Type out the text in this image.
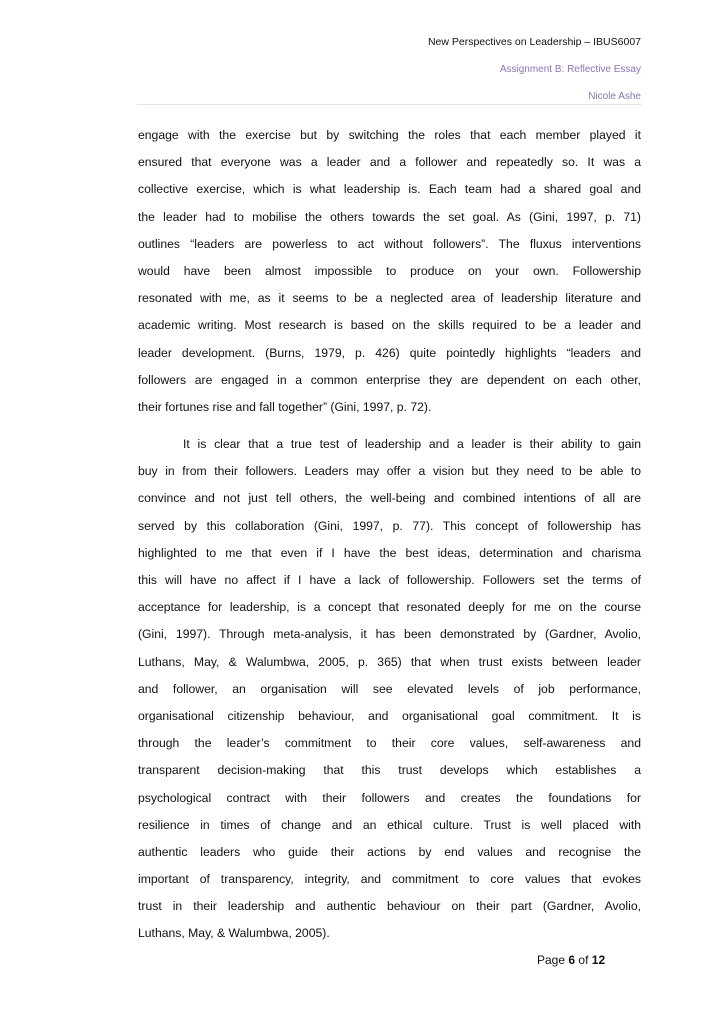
New Perspectives on Leadership – IBUS6007
Assignment B: Reflective Essay
Nicole Ashe
engage with the exercise but by switching the roles that each member played it
ensured that everyone was a leader and a follower and repeatedly so. It was a
collective exercise, which is what leadership is. Each team had a shared goal and
the leader had to mobilise the others towards the set goal. As (Gini, 1997, p. 71)
outlines “leaders are powerless to act without followers”. The fluxus interventions
would have been almost impossible to produce on your own. Followership
resonated with me, as it seems to be a neglected area of leadership literature and
academic writing. Most research is based on the skills required to be a leader and
leader development. (Burns, 1979, p. 426) quite pointedly highlights “leaders and
followers are engaged in a common enterprise they are dependent on each other,
their fortunes rise and fall together” (Gini, 1997, p. 72).
It is clear that a true test of leadership and a leader is their ability to gain
buy in from their followers. Leaders may offer a vision but they need to be able to
convince and not just tell others, the well-being and combined intentions of all are
served by this collaboration (Gini, 1997, p. 77). This concept of followership has
highlighted to me that even if I have the best ideas, determination and charisma
this will have no affect if I have a lack of followership. Followers set the terms of
acceptance for leadership, is a concept that resonated deeply for me on the course
(Gini, 1997). Through meta-analysis, it has been demonstrated by (Gardner, Avolio,
Luthans, May, & Walumbwa, 2005, p. 365) that when trust exists between leader
and follower, an organisation will see elevated levels of job performance,
organisational citizenship behaviour, and organisational goal commitment. It is
through the leader’s commitment to their core values, self-awareness and
transparent decision-making that this trust develops which establishes a
psychological contract with their followers and creates the foundations for
resilience in times of change and an ethical culture. Trust is well placed with
authentic leaders who guide their actions by end values and recognise the
important of transparency, integrity, and commitment to core values that evokes
trust in their leadership and authentic behaviour on their part (Gardner, Avolio,
Luthans, May, & Walumbwa, 2005).
Page 6 of 12
